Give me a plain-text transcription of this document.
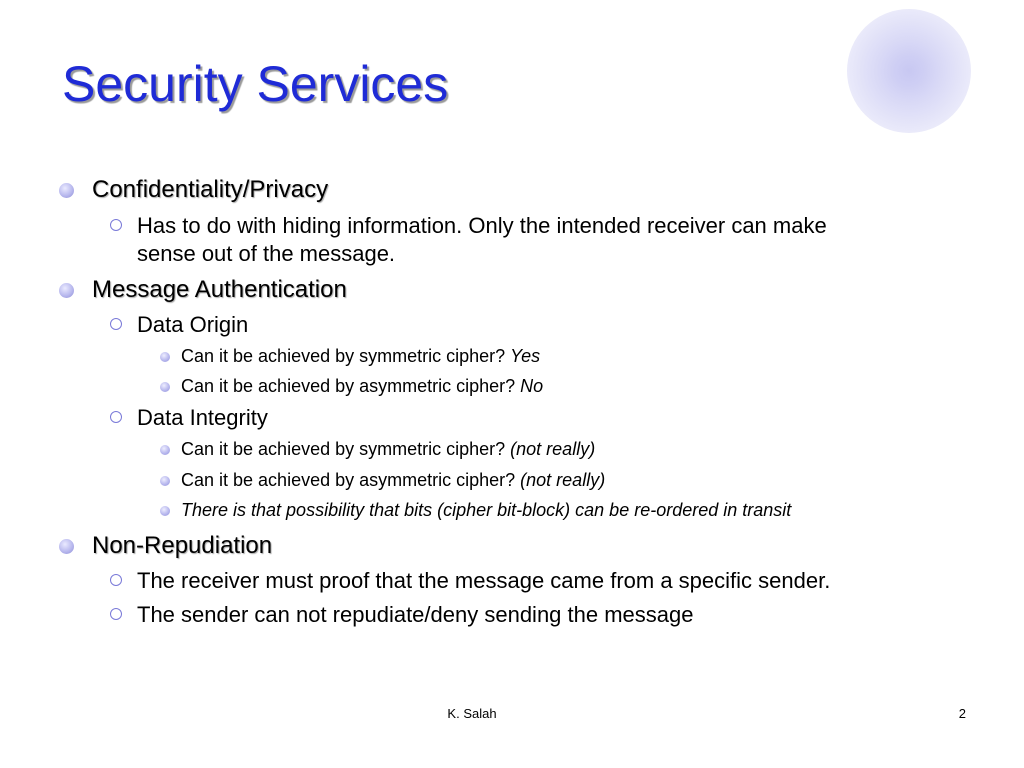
Security Services
Confidentiality/Privacy
Has to do with hiding information. Only the intended receiver can make
sense out of the message.
Message Authentication
Data Origin
Can it be achieved by symmetric cipher? Yes
Can it be achieved by asymmetric cipher? No
Data Integrity
Can it be achieved by symmetric cipher? (not really)
Can it be achieved by asymmetric cipher? (not really)
There is that possibility that bits (cipher bit-block) can be re-ordered in transit
Non-Repudiation
The receiver must proof that the message came from a specific sender.
The sender can not repudiate/deny sending the message
K. Salah	2
